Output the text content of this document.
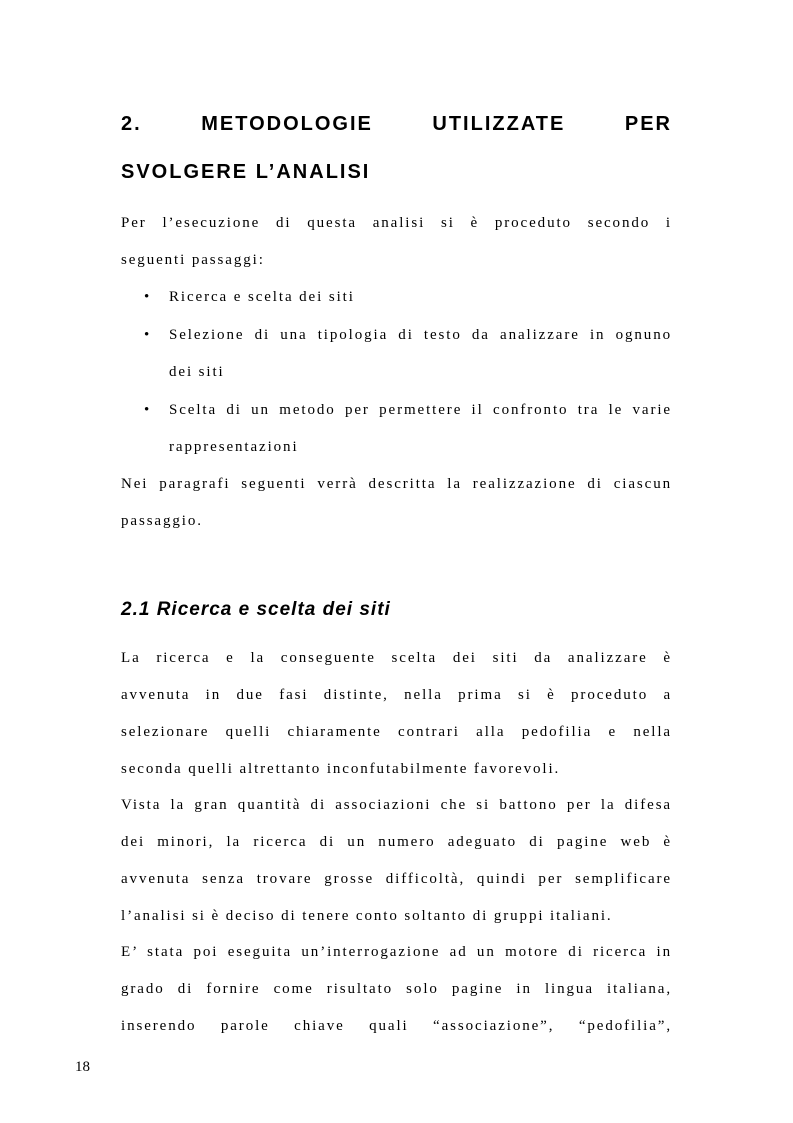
2.	METODOLOGIE	UTILIZZATE	PER
SVOLGERE L’ANALISI

Per l’esecuzione di questa analisi si è proceduto secondo i

seguenti passaggi:

• Ricerca e scelta dei siti

• Selezione di una tipologia di testo da analizzare in ognuno

dei siti

• Scelta di un metodo per permettere il confronto tra le varie

rappresentazioni

Nei paragrafi seguenti verrà descritta la realizzazione di ciascun

passaggio.

2.1 Ricerca e scelta dei siti

La ricerca e la conseguente scelta dei siti da analizzare è

avvenuta in due fasi distinte, nella prima si è proceduto a

selezionare quelli chiaramente contrari alla pedofilia e nella

seconda quelli altrettanto inconfutabilmente favorevoli.

Vista la gran quantità di associazioni che si battono per la difesa

dei minori, la ricerca di un numero adeguato di pagine web è

avvenuta senza trovare grosse difficoltà, quindi per semplificare

l’analisi si è deciso di tenere conto soltanto di gruppi italiani.

E’ stata poi eseguita un’interrogazione ad un motore di ricerca in

grado di fornire come risultato solo pagine in lingua italiana,

inserendo parole chiave quali “associazione”, “pedofilia”,

18
